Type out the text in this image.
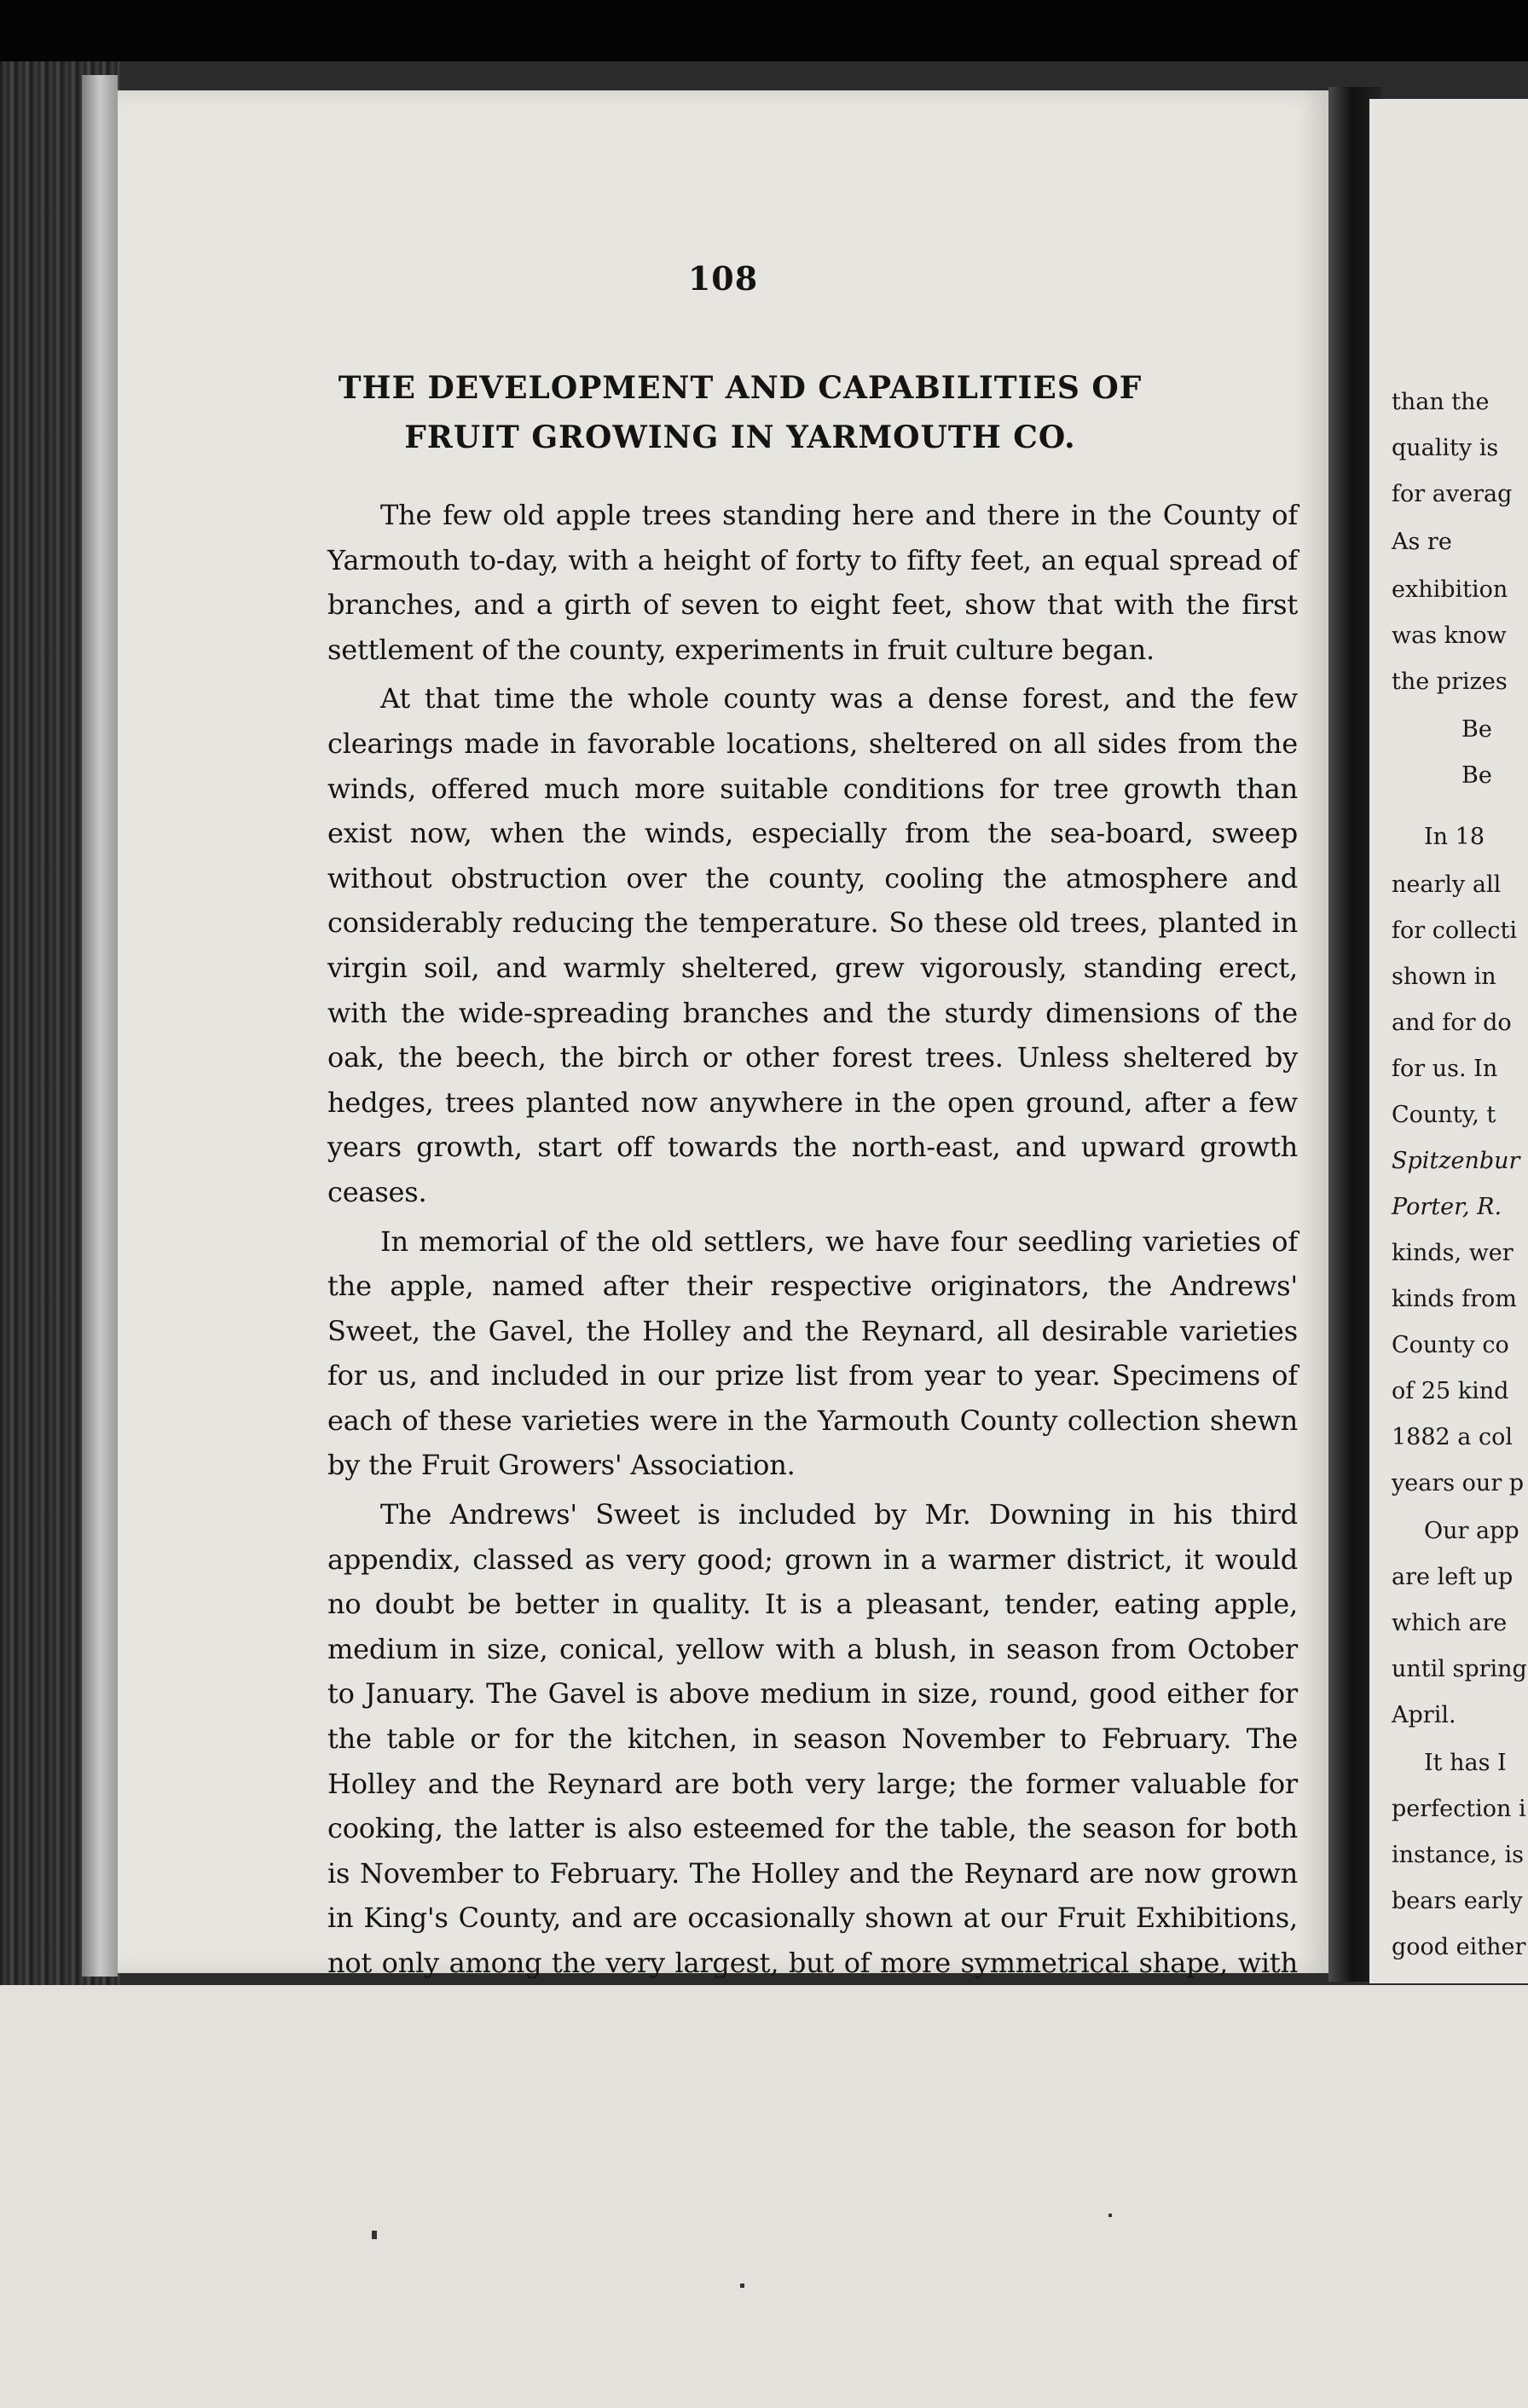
108
THE DEVELOPMENT AND CAPABILITIES OF
FRUIT GROWING IN YARMOUTH CO.

The few old apple trees standing here and there in the County of Yarmouth to-day, with a height of forty to fifty feet, an equal spread of branches, and a girth of seven to eight feet, show that with the first settlement of the county, experiments in fruit culture began.

At that time the whole county was a dense forest, and the few clearings made in favorable locations, sheltered on all sides from the winds, offered much more suitable conditions for tree growth than exist now, when the winds, especially from the sea-board, sweep without obstruction over the county, cooling the atmosphere and considerably reducing the temperature. So these old trees, planted in virgin soil, and warmly sheltered, grew vigorously, standing erect, with the wide-spreading branches and the sturdy dimensions of the oak, the beech, the birch or other forest trees. Unless sheltered by hedges, trees planted now anywhere in the open ground, after a few years growth, start off towards the north-east, and upward growth ceases.

In memorial of the old settlers, we have four seedling varieties of the apple, named after their respective originators, the Andrews' Sweet, the Gavel, the Holley and the Reynard, all desirable varieties for us, and included in our prize list from year to year. Specimens of each of these varieties were in the Yarmouth County collection shewn by the Fruit Growers' Association.

The Andrews' Sweet is included by Mr. Downing in his third appendix, classed as very good; grown in a warmer district, it would no doubt be better in quality. It is a pleasant, tender, eating apple, medium in size, conical, yellow with a blush, in season from October to January. The Gavel is above medium in size, round, good either for the table or for the kitchen, in season November to February. The Holley and the Reynard are both very large; the former valuable for cooking, the latter is also esteemed for the table, the season for both is November to February. The Holley and the Reynard are now grown in King's County, and are occasionally shown at our Fruit Exhibitions, not only among the very largest, but of more symmetrical shape, with

than the
quality is
for averag
As re
exhibition
was know
the prizes
Be
Be
In 18
nearly all
for collecti
shown in
and for do
for us. In
County, t
Spitzenbur
Porter, R.
kinds, wer
kinds from
County co
of 25 kind
1882 a col
years our p
Our app
are left up
which are
until spring
April.
It has I
perfection i
instance, is
bears early
good either
